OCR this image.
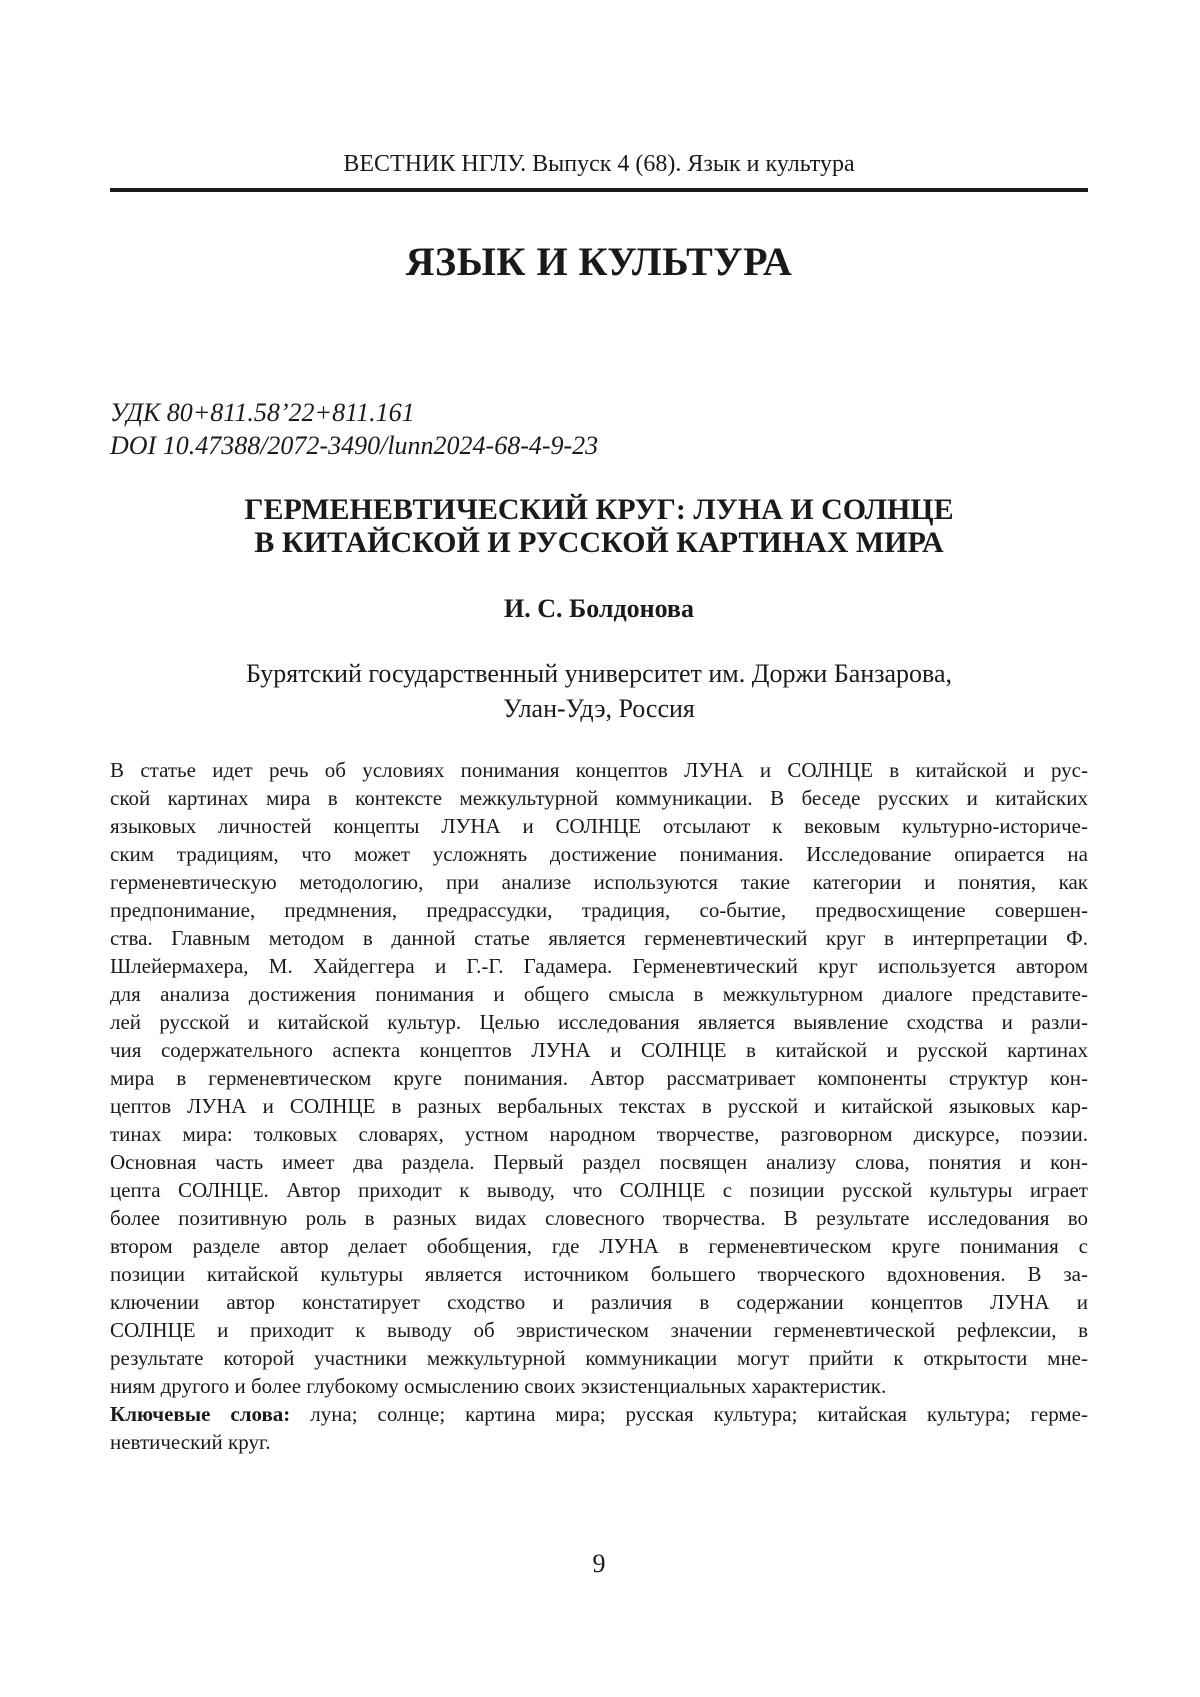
ВЕСТНИК НГЛУ. Выпуск 4 (68). Язык и культура
ЯЗЫК И КУЛЬТУРА
УДК 80+811.58’22+811.161
DOI 10.47388/2072-3490/lunn2024-68-4-9-23
ГЕРМЕНЕВТИЧЕСКИЙ КРУГ: ЛУНА И СОЛНЦЕ
В КИТАЙСКОЙ И РУССКОЙ КАРТИНАХ МИРА
И. С. Болдонова
Бурятский государственный университет им. Доржи Банзарова,
Улан-Удэ, Россия
В статье идет речь об условиях понимания концептов ЛУНА и СОЛНЦЕ в китайской и рус-
ской картинах мира в контексте межкультурной коммуникации. В беседе русских и китайских
языковых личностей концепты ЛУНА и СОЛНЦЕ отсылают к вековым культурно-историче-
ским традициям, что может усложнять достижение понимания. Исследование опирается на
герменевтическую методологию, при анализе используются такие категории и понятия, как
предпонимание, предмнения, предрассудки, традиция, со-бытие, предвосхищение совершен-
ства. Главным методом в данной статье является герменевтический круг в интерпретации Ф.
Шлейермахера, М. Хайдеггера и Г.-Г. Гадамера. Герменевтический круг используется автором
для анализа достижения понимания и общего смысла в межкультурном диалоге представите-
лей русской и китайской культур. Целью исследования является выявление сходства и разли-
чия содержательного аспекта концептов ЛУНА и СОЛНЦЕ в китайской и русской картинах
мира в герменевтическом круге понимания. Автор рассматривает компоненты структур кон-
цептов ЛУНА и СОЛНЦЕ в разных вербальных текстах в русской и китайской языковых кар-
тинах мира: толковых словарях, устном народном творчестве, разговорном дискурсе, поэзии.
Основная часть имеет два раздела. Первый раздел посвящен анализу слова, понятия и кон-
цепта СОЛНЦЕ. Автор приходит к выводу, что СОЛНЦЕ с позиции русской культуры играет
более позитивную роль в разных видах словесного творчества. В результате исследования во
втором разделе автор делает обобщения, где ЛУНА в герменевтическом круге понимания с
позиции китайской культуры является источником большего творческого вдохновения. В за-
ключении автор констатирует сходство и различия в содержании концептов ЛУНА и
СОЛНЦЕ и приходит к выводу об эвристическом значении герменевтической рефлексии, в
результате которой участники межкультурной коммуникации могут прийти к открытости мне-
ниям другого и более глубокому осмыслению своих экзистенциальных характеристик.
Ключевые слова: луна; солнце; картина мира; русская культура; китайская культура; герме-
невтический круг.
9
